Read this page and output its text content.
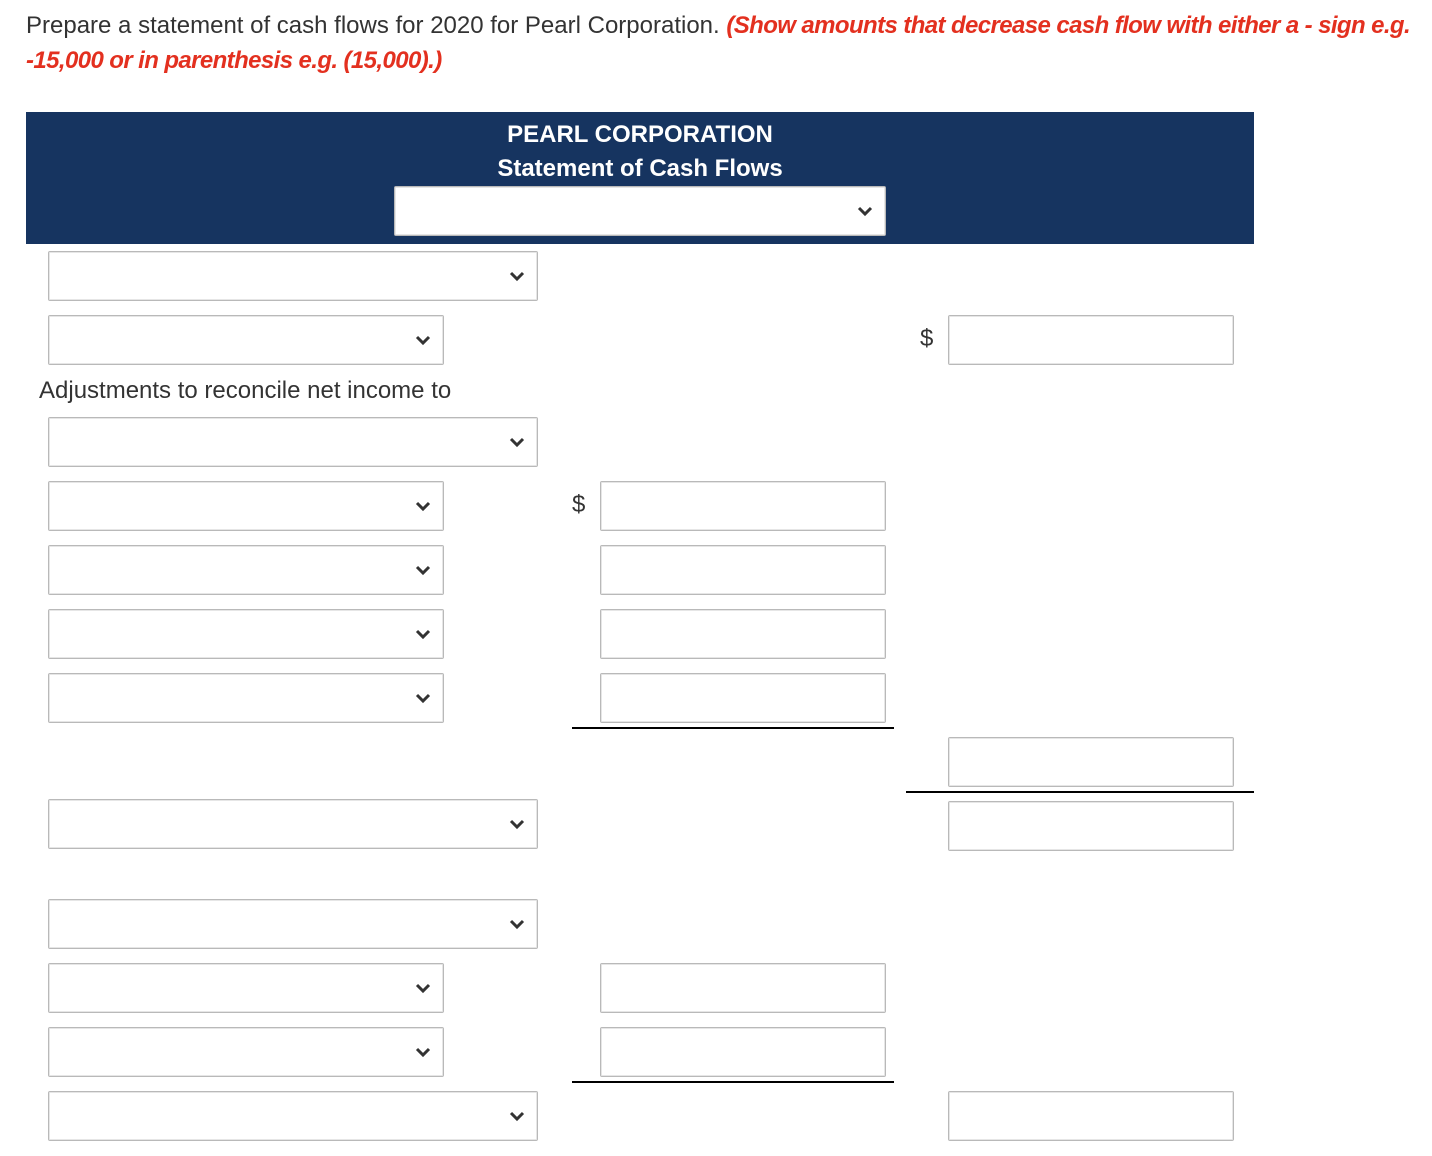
Prepare a statement of cash flows for 2020 for Pearl Corporation. (Show amounts that decrease cash flow with either a - sign e.g. -15,000 or in parenthesis e.g. (15,000).)
PEARL CORPORATION
Statement of Cash Flows
$
Adjustments to reconcile net income to
$
